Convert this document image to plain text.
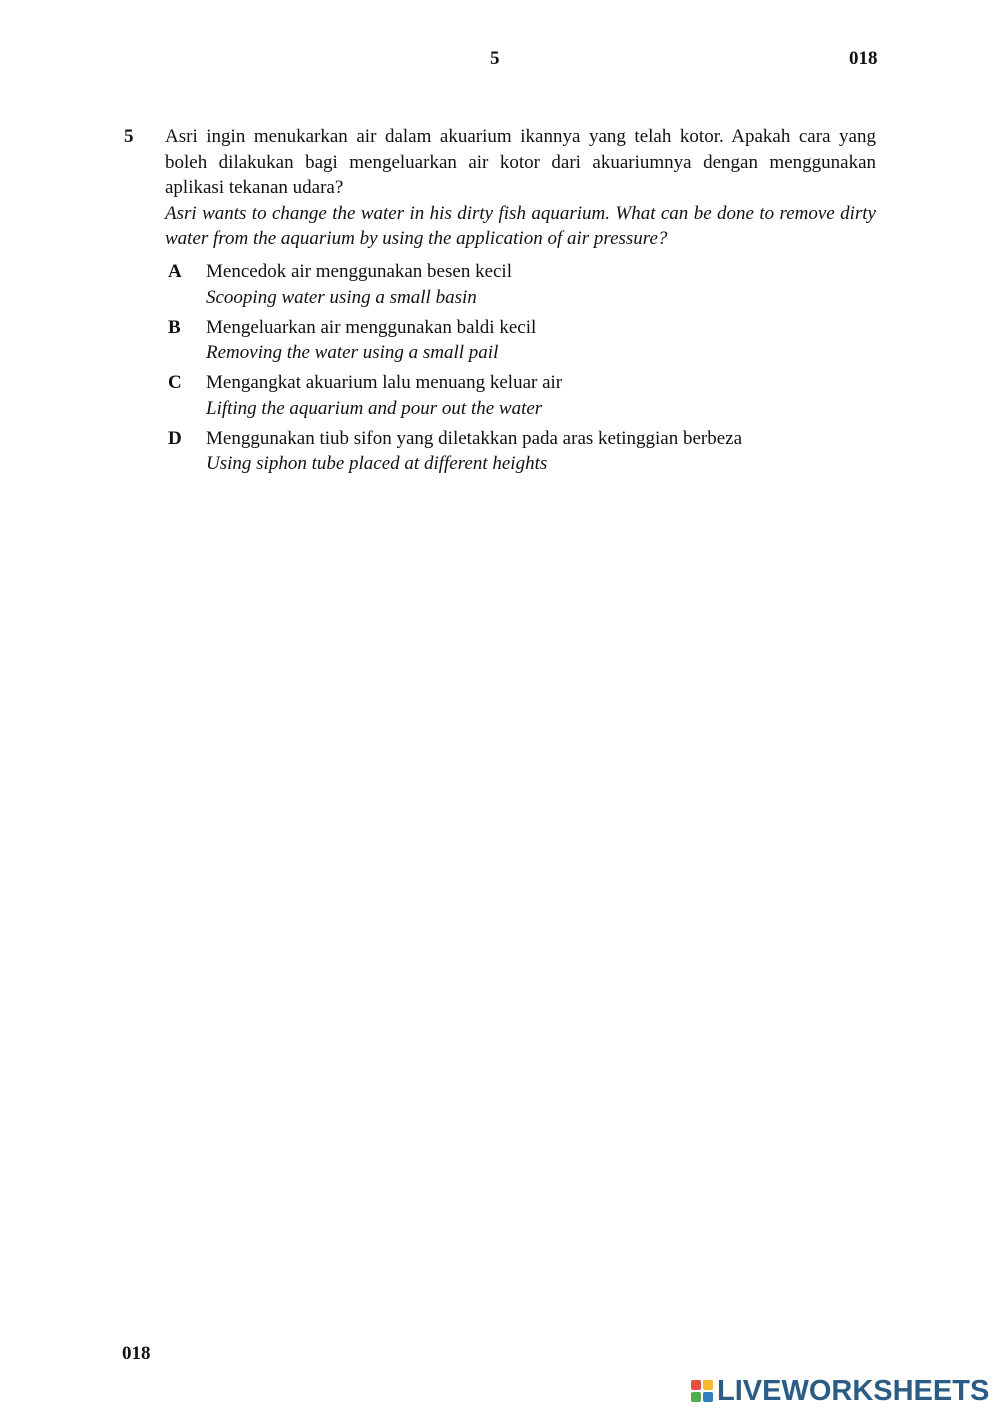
5	018
5 Asri ingin menukarkan air dalam akuarium ikannya yang telah kotor. Apakah cara yang boleh dilakukan bagi mengeluarkan air kotor dari akuariumnya dengan menggunakan aplikasi tekanan udara?

Asri wants to change the water in his dirty fish aquarium. What can be done to remove dirty water from the aquarium by using the application of air pressure?

A Mencedok air menggunakan besen kecil
Scooping water using a small basin
B Mengeluarkan air menggunakan baldi kecil
Removing the water using a small pail
C Mengangkat akuarium lalu menuang keluar air
Lifting the aquarium and pour out the water
D Menggunakan tiub sifon yang diletakkan pada aras ketinggian berbeza
Using siphon tube placed at different heights
018
LIVEWORKSHEETS
